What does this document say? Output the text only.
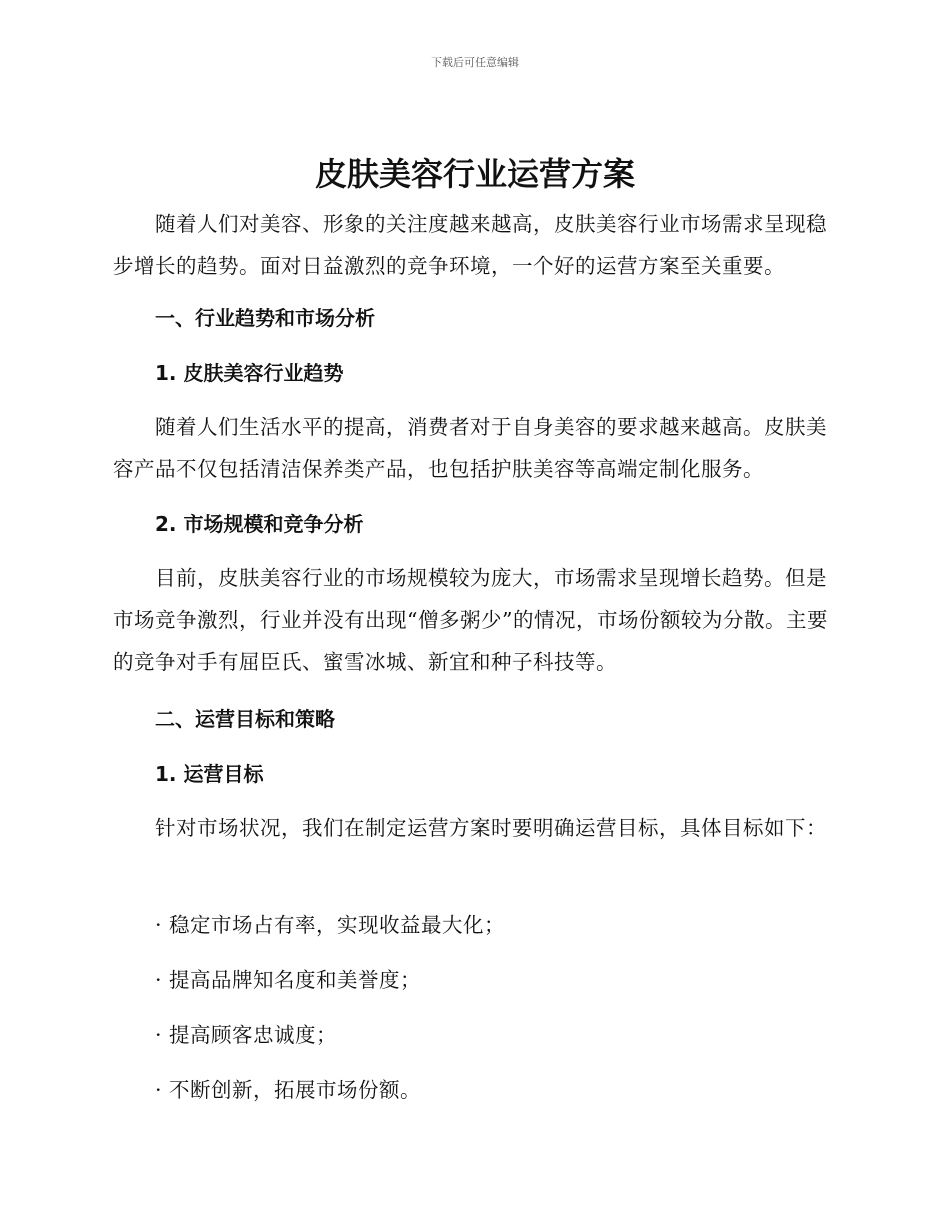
下载后可任意编辑
皮肤美容行业运营方案

随着人们对美容、形象的关注度越来越高，皮肤美容行业市场需求呈现稳步增长的趋势。面对日益激烈的竞争环境，一个好的运营方案至关重要。

一、行业趋势和市场分析
1. 皮肤美容行业趋势

随着人们生活水平的提高，消费者对于自身美容的要求越来越高。皮肤美容产品不仅包括清洁保养类产品，也包括护肤美容等高端定制化服务。

2. 市场规模和竞争分析

目前，皮肤美容行业的市场规模较为庞大，市场需求呈现增长趋势。但是市场竞争激烈，行业并没有出现“僧多粥少”的情况，市场份额较为分散。主要的竞争对手有屈臣氏、蜜雪冰城、新宜和种子科技等。

二、运营目标和策略
1. 运营目标

针对市场状况，我们在制定运营方案时要明确运营目标，具体目标如下：

· 稳定市场占有率，实现收益最大化；

· 提高品牌知名度和美誉度；

· 提高顾客忠诚度；

· 不断创新，拓展市场份额。
